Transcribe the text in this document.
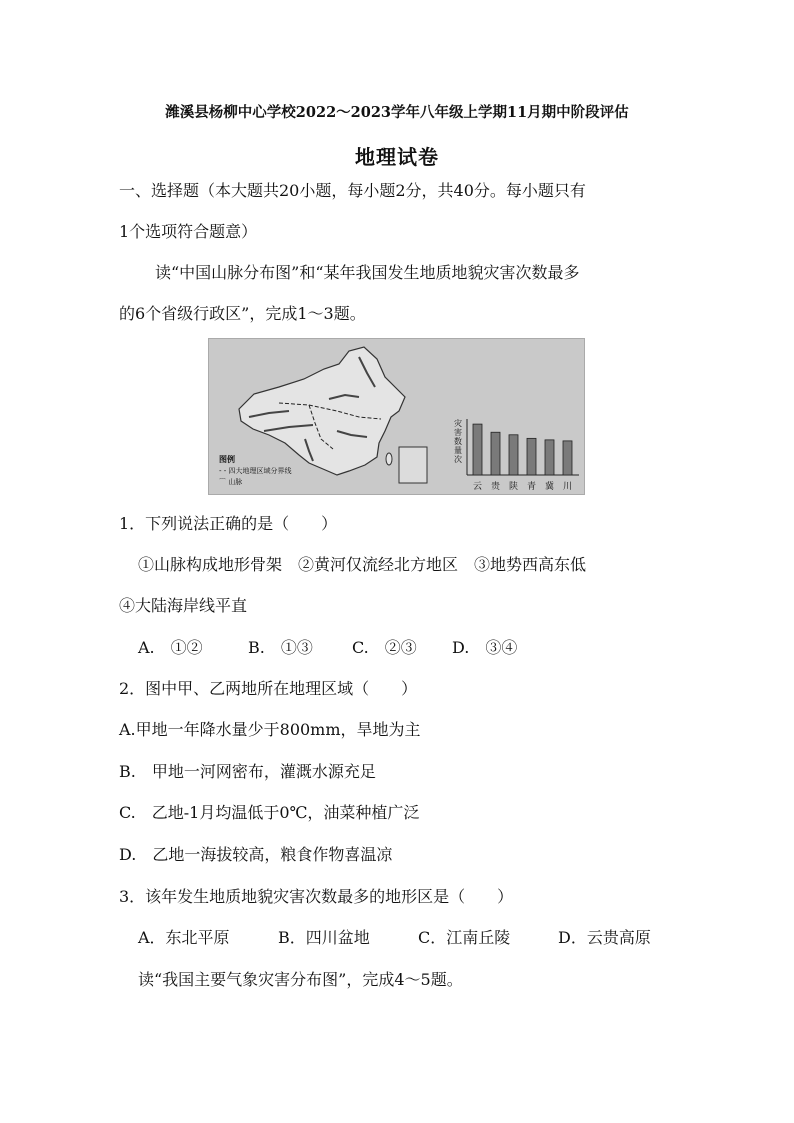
潍溪县杨柳中心学校2022～2023学年八年级上学期11月期中阶段评估
地理试卷
一、选择题（本大题共20小题，每小题2分，共40分。每小题只有
1个选项符合题意）
读“中国山脉分布图”和“某年我国发生地质地貌灾害次数最多
的6个省级行政区”，完成1～3题。
图例
- - 四大地理区域分界线
⌒ 山脉
灾害数量次
云 贵 陕 青 冀 川
1．下列说法正确的是（　　）
①山脉构成地形骨架　②黄河仅流经北方地区　③地势西高东低
④大陆海岸线平直
A.　①②	B.　①③ C.　②③ D.　③④
2．图中甲、乙两地所在地理区域（　　）
A.甲地一年降水量少于800mm，旱地为主
B.　甲地一河网密布，灌溉水源充足
C.　乙地-1月均温低于0℃，油菜种植广泛
D.　乙地一海拔较高，粮食作物喜温凉
3．该年发生地质地貌灾害次数最多的地形区是（　　）
A．东北平原	B．四川盆地	C．江南丘陵	D．云贵高原
读“我国主要气象灾害分布图”，完成4～5题。
